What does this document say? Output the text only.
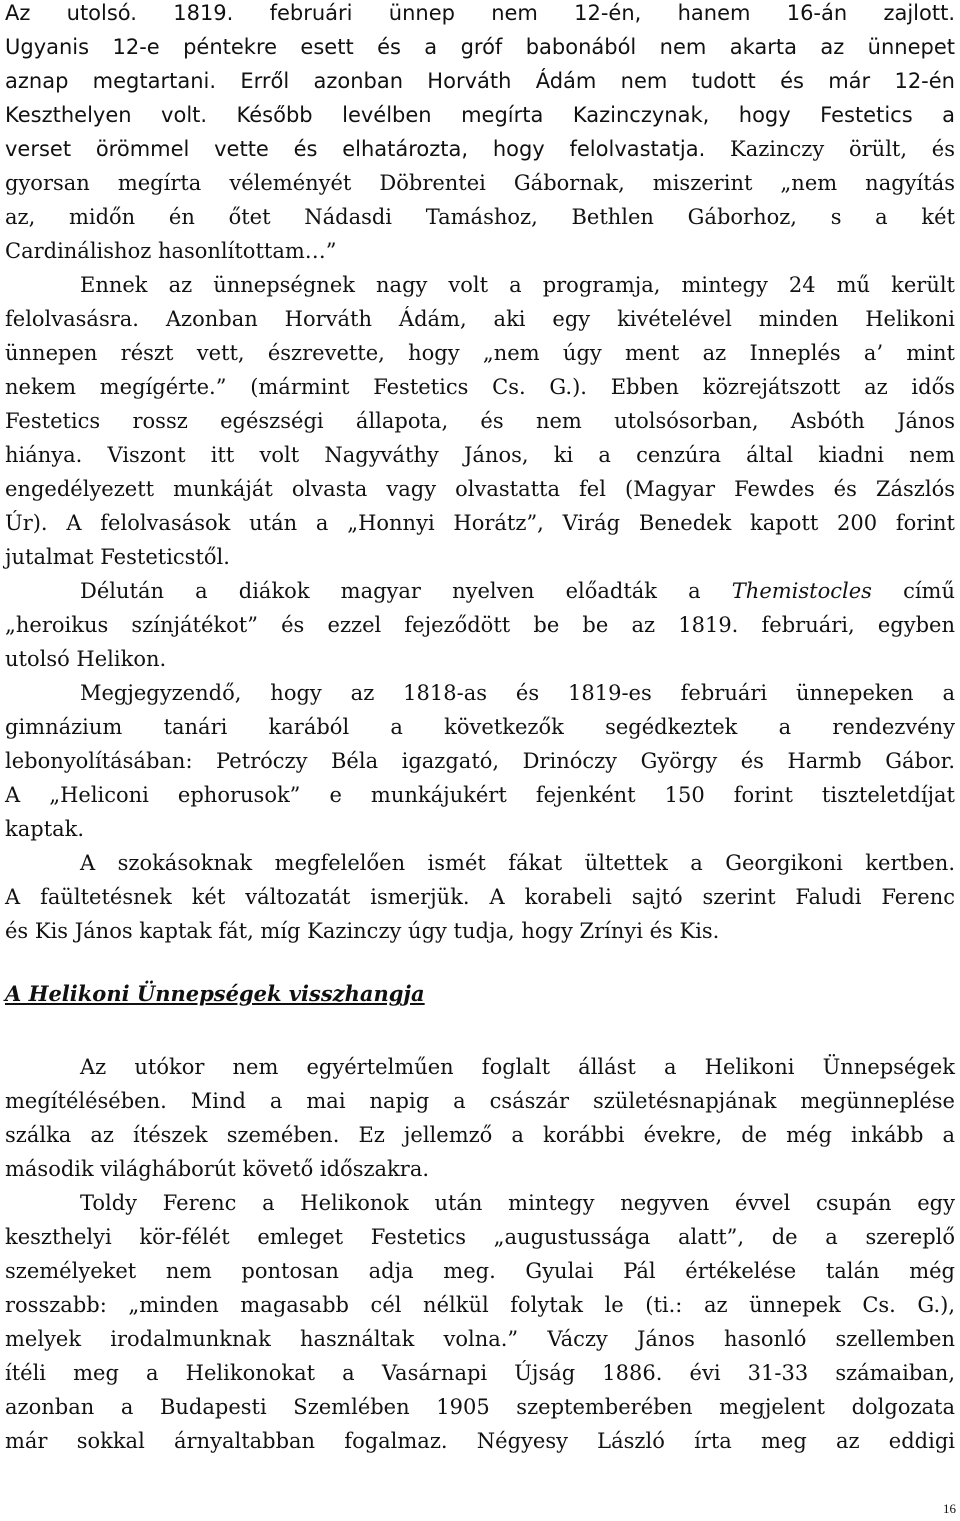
Az utolsó. 1819. februári ünnep nem 12-én, hanem 16-án zajlott.
Ugyanis 12-e péntekre esett és a gróf babonából nem akarta az ünnepet
aznap megtartani. Erről azonban Horváth Ádám nem tudott és már 12-én
Keszthelyen volt. Később levélben megírta Kazinczynak, hogy Festetics a
verset örömmel vette és elhatározta, hogy felolvastatja. Kazinczy örült, és
gyorsan megírta véleményét Döbrentei Gábornak, miszerint „nem nagyítás
az, midőn én őtet Nádasdi Tamáshoz, Bethlen Gáborhoz, s a két
Cardinálishoz hasonlítottam…”
Ennek az ünnepségnek nagy volt a programja, mintegy 24 mű került
felolvasásra. Azonban Horváth Ádám, aki egy kivételével minden Helikoni
ünnepen részt vett, észrevette, hogy „nem úgy ment az Inneplés a’ mint
nekem megígérte.” (mármint Festetics Cs. G.). Ebben közrejátszott az idős
Festetics rossz egészségi állapota, és nem utolsósorban, Asbóth János
hiánya. Viszont itt volt Nagyváthy János, ki a cenzúra által kiadni nem
engedélyezett munkáját olvasta vagy olvastatta fel (Magyar Fewdes és Zászlós
Úr). A felolvasások után a „Honnyi Horátz”, Virág Benedek kapott 200 forint
jutalmat Festeticstől.
Délután a diákok magyar nyelven előadták a Themistocles című
„heroikus színjátékot” és ezzel fejeződött be be az 1819. februári, egyben
utolsó Helikon.
Megjegyzendő, hogy az 1818-as és 1819-es februári ünnepeken a
gimnázium tanári karából a következők segédkeztek a rendezvény
lebonyolításában: Petróczy Béla igazgató, Drinóczy György és Harmb Gábor.
A „Heliconi ephorusok” e munkájukért fejenként 150 forint tiszteletdíjat
kaptak.
A szokásoknak megfelelően ismét fákat ültettek a Georgikoni kertben.
A faültetésnek két változatát ismerjük. A korabeli sajtó szerint Faludi Ferenc
és Kis János kaptak fát, míg Kazinczy úgy tudja, hogy Zrínyi és Kis.
A Helikoni Ünnepségek visszhangja
Az utókor nem egyértelműen foglalt állást a Helikoni Ünnepségek
megítélésében. Mind a mai napig a császár születésnapjának megünneplése
szálka az ítészek szemében. Ez jellemző a korábbi évekre, de még inkább a
második világháborút követő időszakra.
Toldy Ferenc a Helikonok után mintegy negyven évvel csupán egy
keszthelyi kör-félét emleget Festetics „augustussága alatt”, de a szereplő
személyeket nem pontosan adja meg. Gyulai Pál értékelése talán még
rosszabb: „minden magasabb cél nélkül folytak le (ti.: az ünnepek Cs. G.),
melyek irodalmunknak használtak volna.” Váczy János hasonló szellemben
ítéli meg a Helikonokat a Vasárnapi Újság 1886. évi 31-33 számaiban,
azonban a Budapesti Szemlében 1905 szeptemberében megjelent dolgozata
már sokkal árnyaltabban fogalmaz. Négyesy László írta meg az eddigi
16
